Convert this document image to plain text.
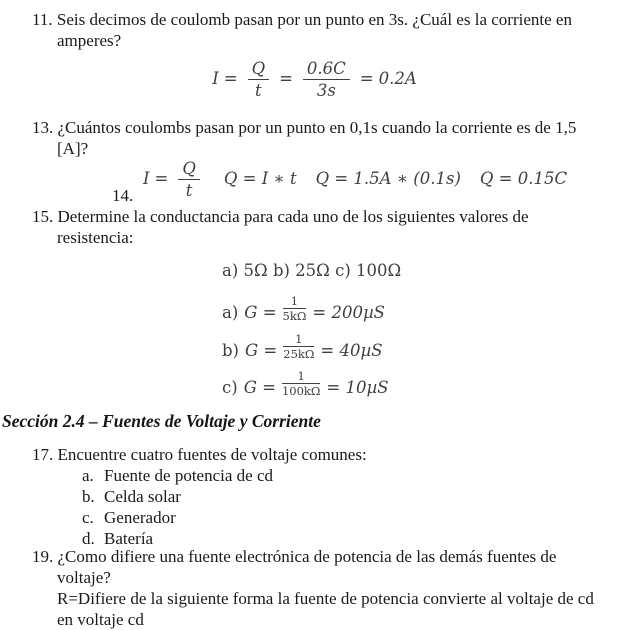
11. Seis decimos de coulomb pasan por un punto en 3s. ¿Cuál es la corriente en amperes?
$I = \frac{Q}{t} = \frac{0.6C}{3s} = 0.2A$
13. ¿Cuántos coulombs pasan por un punto en 0,1s cuando la corriente es de 1,5 [A]?
$I = \frac{Q}{t}$ Q = I ∗ t Q = 1.5A ∗ (0.1s) Q = 0.15C
14.
15. Determine la conductancia para cada uno de los siguientes valores de resistencia:
a) 5Ω b) 25Ω c) 100Ω
a) $G = \frac{1}{5k\Omega} = 200\mu S$
b) $G = \frac{1}{25k\Omega} = 40\mu S$
c) $G = \frac{1}{100k\Omega} = 10\mu S$
Sección 2.4 – Fuentes de Voltaje y Corriente
17. Encuentre cuatro fuentes de voltaje comunes:
a. Fuente de potencia de cd
b. Celda solar
c. Generador
d. Batería
19. ¿Como difiere una fuente electrónica de potencia de las demás fuentes de voltaje?
R=Difiere de la siguiente forma la fuente de potencia convierte al voltaje de cd en voltaje cd
